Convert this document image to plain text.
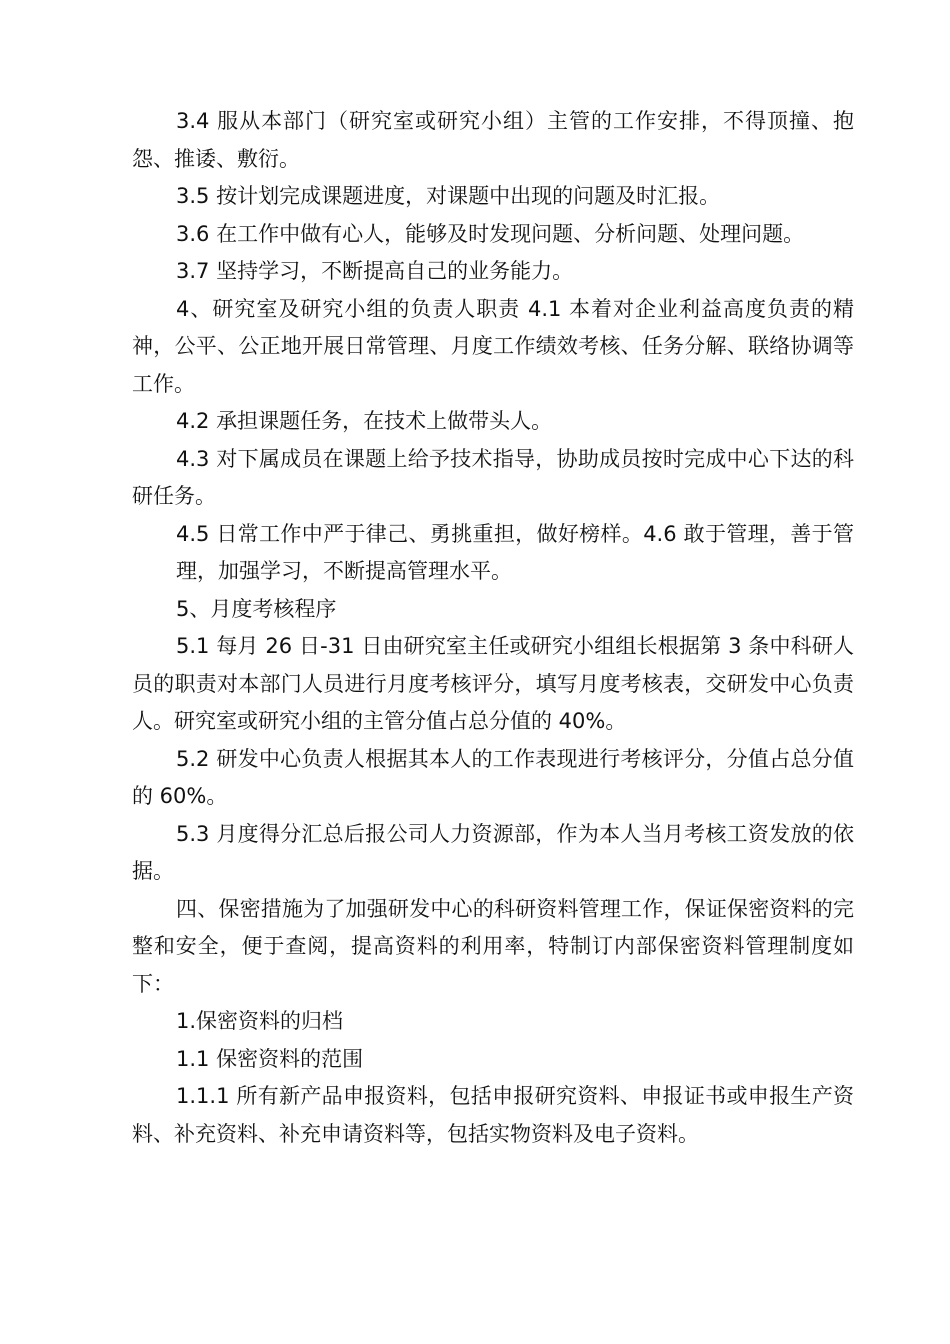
3.4 服从本部门（研究室或研究小组）主管的工作安排，不得顶撞、抱怨、推诿、敷衍。

3.5 按计划完成课题进度，对课题中出现的问题及时汇报。

3.6 在工作中做有心人，能够及时发现问题、分析问题、处理问题。

3.7 坚持学习，不断提高自己的业务能力。

4、研究室及研究小组的负责人职责 4.1 本着对企业利益高度负责的精神，公平、公正地开展日常管理、月度工作绩效考核、任务分解、联络协调等工作。

4.2 承担课题任务，在技术上做带头人。

4.3 对下属成员在课题上给予技术指导，协助成员按时完成中心下达的科研任务。

4.5 日常工作中严于律己、勇挑重担，做好榜样。4.6 敢于管理，善于管理，加强学习，不断提高管理水平。

5、月度考核程序

5.1 每月 26 日-31 日由研究室主任或研究小组组长根据第 3 条中科研人员的职责对本部门人员进行月度考核评分，填写月度考核表，交研发中心负责人。研究室或研究小组的主管分值占总分值的 40%。

5.2 研发中心负责人根据其本人的工作表现进行考核评分，分值占总分值的 60%。

5.3 月度得分汇总后报公司人力资源部，作为本人当月考核工资发放的依据。

四、保密措施为了加强研发中心的科研资料管理工作，保证保密资料的完整和安全，便于查阅，提高资料的利用率，特制订内部保密资料管理制度如下：

1.保密资料的归档

1.1 保密资料的范围

1.1.1 所有新产品申报资料，包括申报研究资料、申报证书或申报生产资料、补充资料、补充申请资料等，包括实物资料及电子资料。
